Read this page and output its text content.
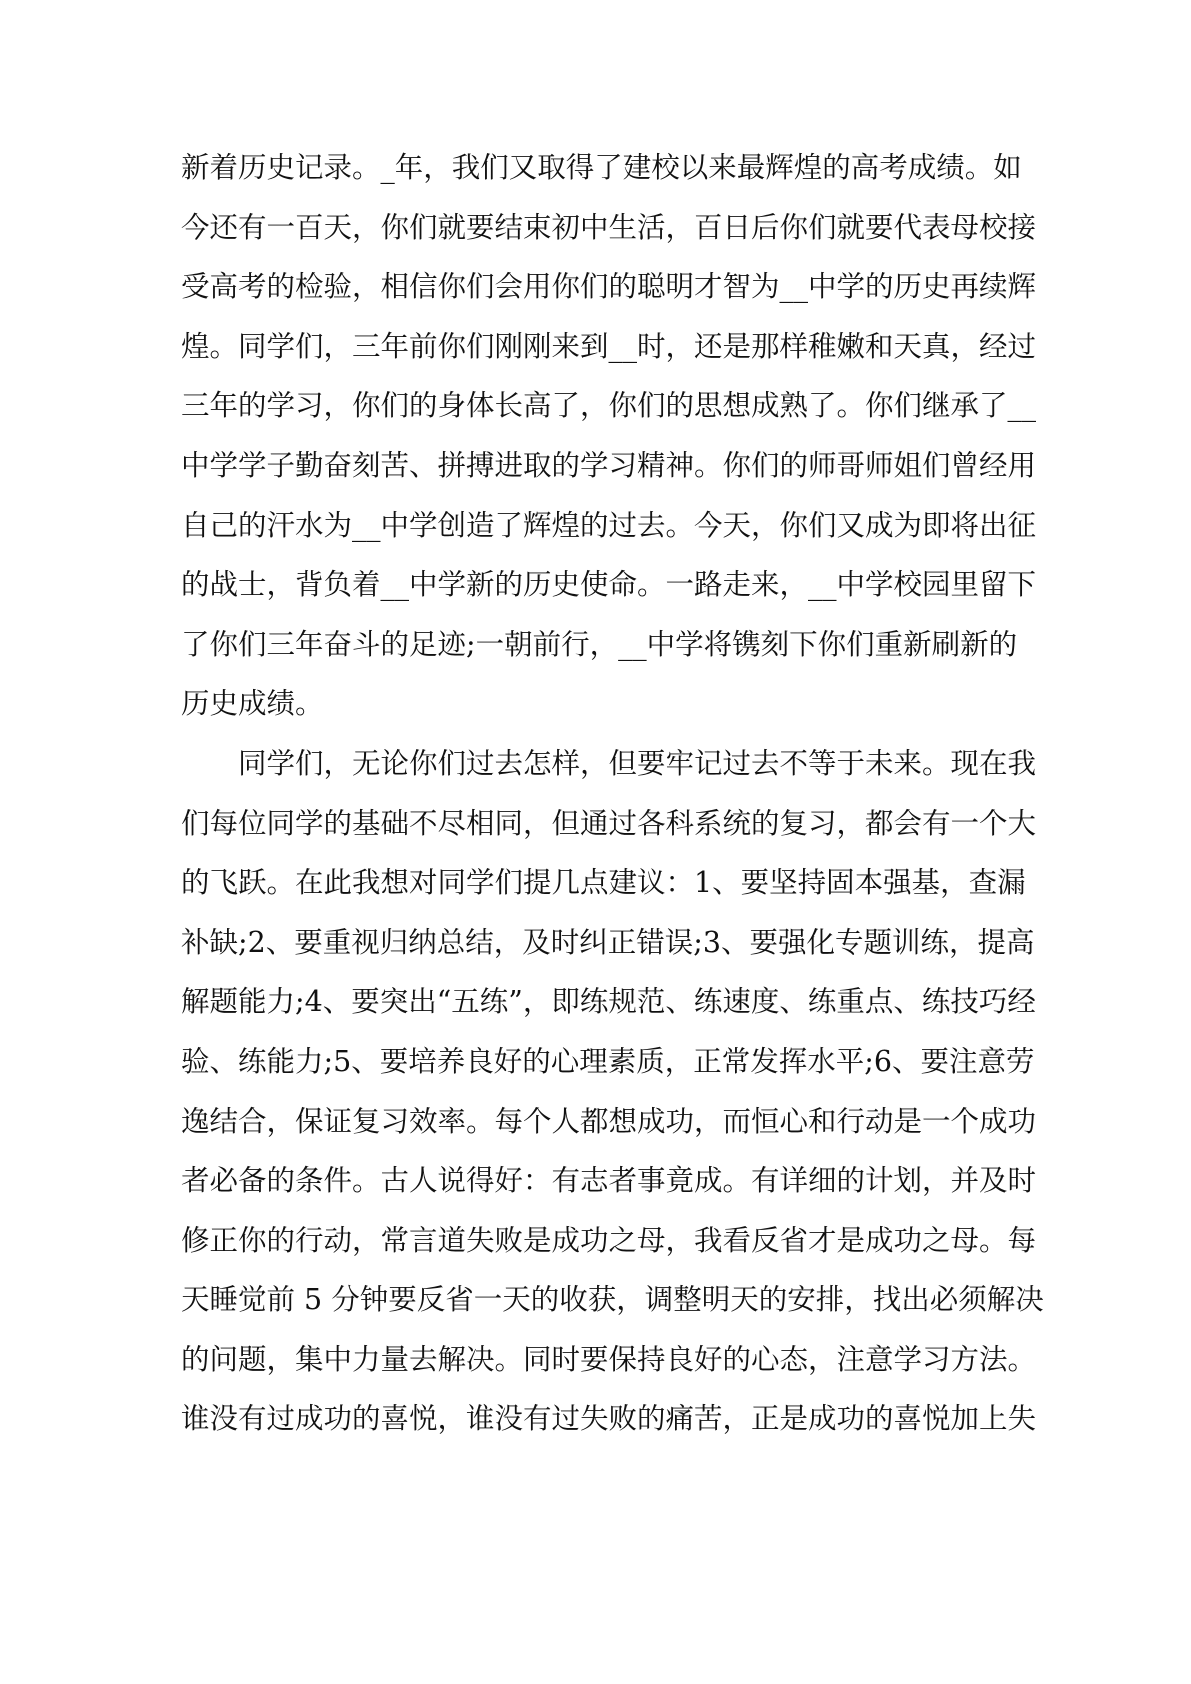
新着历史记录。_年，我们又取得了建校以来最辉煌的高考成绩。如
今还有一百天，你们就要结束初中生活，百日后你们就要代表母校接
受高考的检验，相信你们会用你们的聪明才智为__中学的历史再续辉
煌。同学们，三年前你们刚刚来到__时，还是那样稚嫩和天真，经过
三年的学习，你们的身体长高了，你们的思想成熟了。你们继承了__
中学学子勤奋刻苦、拼搏进取的学习精神。你们的师哥师姐们曾经用
自己的汗水为__中学创造了辉煌的过去。今天，你们又成为即将出征
的战士，背负着__中学新的历史使命。一路走来，__中学校园里留下
了你们三年奋斗的足迹;一朝前行，__中学将镌刻下你们重新刷新的
历史成绩。
同学们，无论你们过去怎样，但要牢记过去不等于未来。现在我
们每位同学的基础不尽相同，但通过各科系统的复习，都会有一个大
的飞跃。在此我想对同学们提几点建议：1、要坚持固本强基，查漏
补缺;2、要重视归纳总结，及时纠正错误;3、要强化专题训练，提高
解题能力;4、要突出“五练”，即练规范、练速度、练重点、练技巧经
验、练能力;5、要培养良好的心理素质，正常发挥水平;6、要注意劳
逸结合，保证复习效率。每个人都想成功，而恒心和行动是一个成功
者必备的条件。古人说得好：有志者事竟成。有详细的计划，并及时
修正你的行动，常言道失败是成功之母，我看反省才是成功之母。每
天睡觉前 5 分钟要反省一天的收获，调整明天的安排，找出必须解决
的问题，集中力量去解决。同时要保持良好的心态，注意学习方法。
谁没有过成功的喜悦，谁没有过失败的痛苦，正是成功的喜悦加上失
